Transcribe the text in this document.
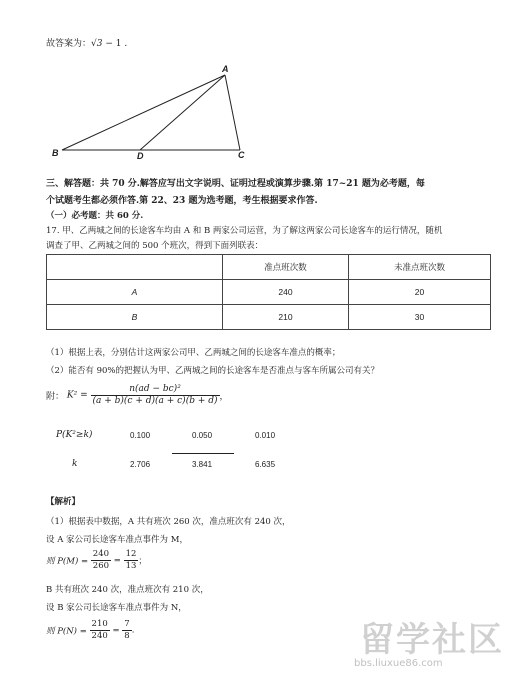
故答案为：√3 − 1 .
A
B	D	C
三、解答题：共 70 分.解答应写出文字说明、证明过程或演算步骤.第 17~21 题为必考题，每
个试题考生都必须作答.第 22、23 题为选考题，考生根据要求作答.
（一）必考题：共 60 分.
17. 甲、乙两城之间的长途客车均由 A 和 B 两家公司运营，为了解这两家公司长途客车的运行情况，随机
调查了甲、乙两城之间的 500 个班次，得到下面列联表：
	准点班次数	未准点班次数
A	240	20
B	210	30
（1）根据上表，分别估计这两家公司甲、乙两城之间的长途客车准点的概率；
（2）能否有 90%的把握认为甲、乙两城之间的长途客车是否准点与客车所属公司有关？
附： $K^2 = \frac{\text{n(ad − bc)²}}{(a + b)(c + d)(a + c)(b + d)}$ ，
P(K²≥k)	0.100	0.050	0.010
k	2.706	3.841	6.635
【解析】
（1）根据表中数据，A 共有班次 260 次，准点班次有 240 次，
设 A 家公司长途客车准点事件为 M，
则 $P(M) = \frac{240}{260} = \frac{12}{13}$ ；
B 共有班次 240 次，准点班次有 210 次，
设 B 家公司长途客车准点事件为 N，
则 $P(N) = \frac{210}{240} = \frac{7}{8}$ .	留学社区
bbs.liuxue86.com
